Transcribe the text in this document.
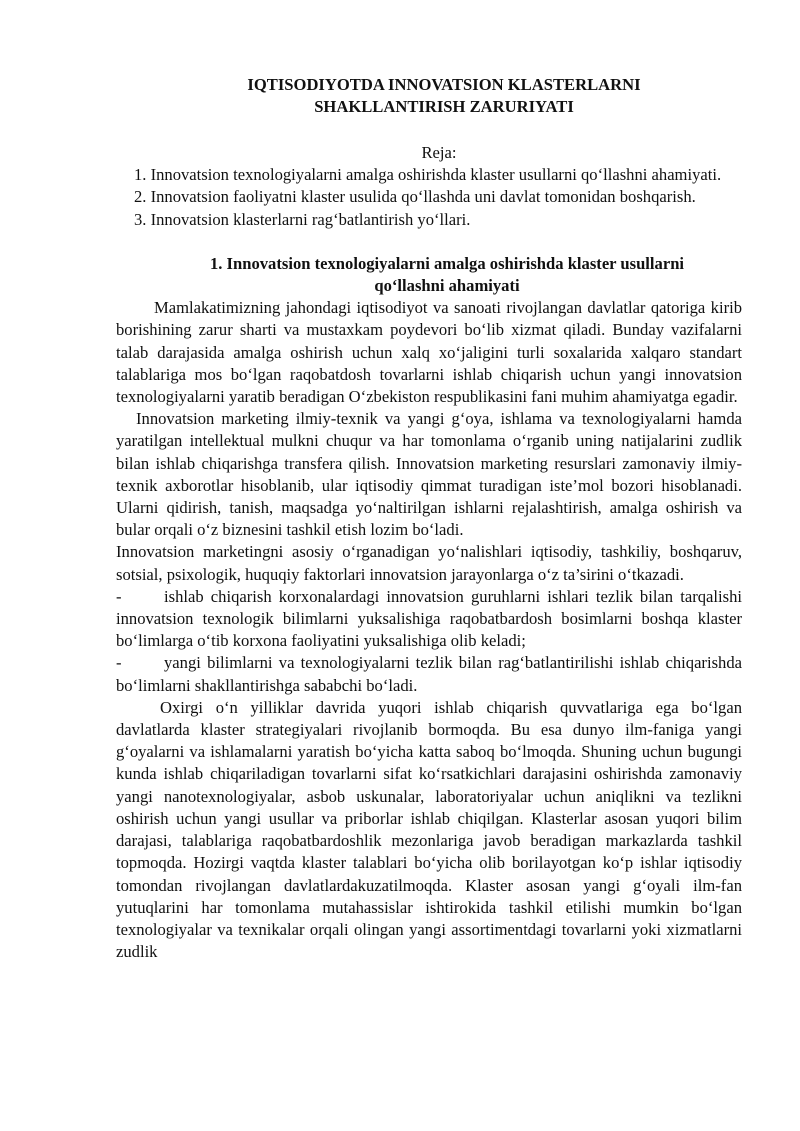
IQTISODIYOTDA INNOVATSION KLASTERLARNI
SHAKLLANTIRISH ZARURIYATI
Reja:
1. Innovatsion texnologiyalarni amalga oshirishda klaster usullarni qo‘llashni ahamiyati.
2. Innovatsion faoliyatni klaster usulida qo‘llashda uni davlat tomonidan boshqarish.
3. Innovatsion klasterlarni rag‘batlantirish yo‘llari.
1. Innovatsion texnologiyalarni amalga oshirishda klaster usullarni
qo‘llashni ahamiyati

Mamlakatimizning jahondagi iqtisodiyot va sanoati rivojlangan davlatlar qatoriga kirib borishining zarur sharti va mustaxkam poydevori bo‘lib xizmat qiladi. Bunday vazifalarni talab darajasida amalga oshirish uchun xalq xo‘jaligini turli soxalarida xalqaro standart talablariga mos bo‘lgan raqobatdosh tovarlarni ishlab chiqarish uchun yangi innovatsion texnologiyalarni yaratib beradigan O‘zbekiston respublikasini fani muhim ahamiyatga egadir.

Innovatsion marketing ilmiy-texnik va yangi g‘oya, ishlama va texnologiyalarni hamda yaratilgan intellektual mulkni chuqur va har tomonlama o‘rganib uning natijalarini zudlik bilan ishlab chiqarishga transfera qilish. Innovatsion marketing resurslari zamonaviy ilmiy-texnik axborotlar hisoblanib, ular iqtisodiy qimmat turadigan iste’mol bozori hisoblanadi. Ularni qidirish, tanish, maqsadga yo‘naltirilgan ishlarni rejalashtirish, amalga oshirish va bular orqali o‘z biznesini tashkil etish lozim bo‘ladi.

Innovatsion marketingni asosiy o‘rganadigan yo‘nalishlari iqtisodiy, tashkiliy, boshqaruv, sotsial, psixologik, huquqiy faktorlari innovatsion jarayonlarga o‘z ta’sirini o‘tkazadi.

-	ishlab chiqarish korxonalardagi innovatsion guruhlarni ishlari tezlik bilan tarqalishi innovatsion texnologik bilimlarni yuksalishiga raqobatbardosh bosimlarni boshqa klaster bo‘limlarga o‘tib korxona faoliyatini yuksalishiga olib keladi;

-	yangi bilimlarni va texnologiyalarni tezlik bilan rag‘batlantirilishi ishlab chiqarishda bo‘limlarni shakllantirishga sababchi bo‘ladi.

Oxirgi o‘n yilliklar davrida yuqori ishlab chiqarish quvvatlariga ega bo‘lgan davlatlarda klaster strategiyalari rivojlanib bormoqda. Bu esa dunyo ilm-faniga yangi g‘oyalarni va ishlamalarni yaratish bo‘yicha katta saboq bo‘lmoqda. Shuning uchun bugungi kunda ishlab chiqariladigan tovarlarni sifat ko‘rsatkichlari darajasini oshirishda zamonaviy yangi nanotexnologiyalar, asbob uskunalar, laboratoriyalar uchun aniqlikni va tezlikni oshirish uchun yangi usullar va priborlar ishlab chiqilgan. Klasterlar asosan yuqori bilim darajasi, talablariga raqobatbardoshlik mezonlariga javob beradigan markazlarda tashkil topmoqda. Hozirgi vaqtda klaster talablari bo‘yicha olib borilayotgan ko‘p ishlar iqtisodiy tomondan rivojlangan davlatlardakuzatilmoqda. Klaster asosan yangi g‘oyali ilm-fan yutuqlarini har tomonlama mutahassislar ishtirokida tashkil etilishi mumkin bo‘lgan texnologiyalar va texnikalar orqali olingan yangi assortimentdagi tovarlarni yoki xizmatlarni zudlik
